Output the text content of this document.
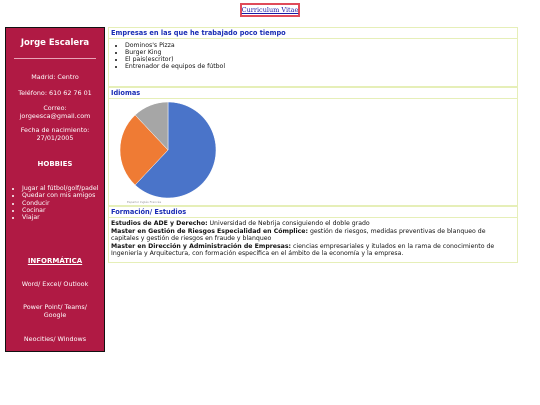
Curriculum Vitae
Jorge Escalera
Madrid: Centro
Teléfono: 610 62 76 01
Correo:
jorgeesca@gmail.com
Fecha de nacimiento:
27/01/2005
HOBBIES
• Jugar al fútbol/golf/padel
• Quedar con mis amigos
• Conducir
• Cocinar
• Viajar
INFORMÁTICA
Word/ Excel/ Outlook
Power Point/ Teams/ Google
Neocities/ Windows
Empresas en las que he trabajado poco tiempo
• Dominos's Pizza
• Burger King
• El pais(escritor)
• Entrenador de equipos de fútbol
Idiomas
Español Inglés Francés
Formación/ Estudios

Estudios de ADE y Derecho: Universidad de Nebrija consiguiendo el doble grado

Master en Gestión de Riesgos Especialidad en Cómplice: gestión de riesgos, medidas preventivas de blanqueo de capitales y gestión de riesgos en fraude y blanqueo

Master en Dirección y Administración de Empresas: ciencias empresariales y itulados en la rama de conocimiento de Ingeniería y Arquitectura, con formación específica en el ámbito de la economía y la empresa.
